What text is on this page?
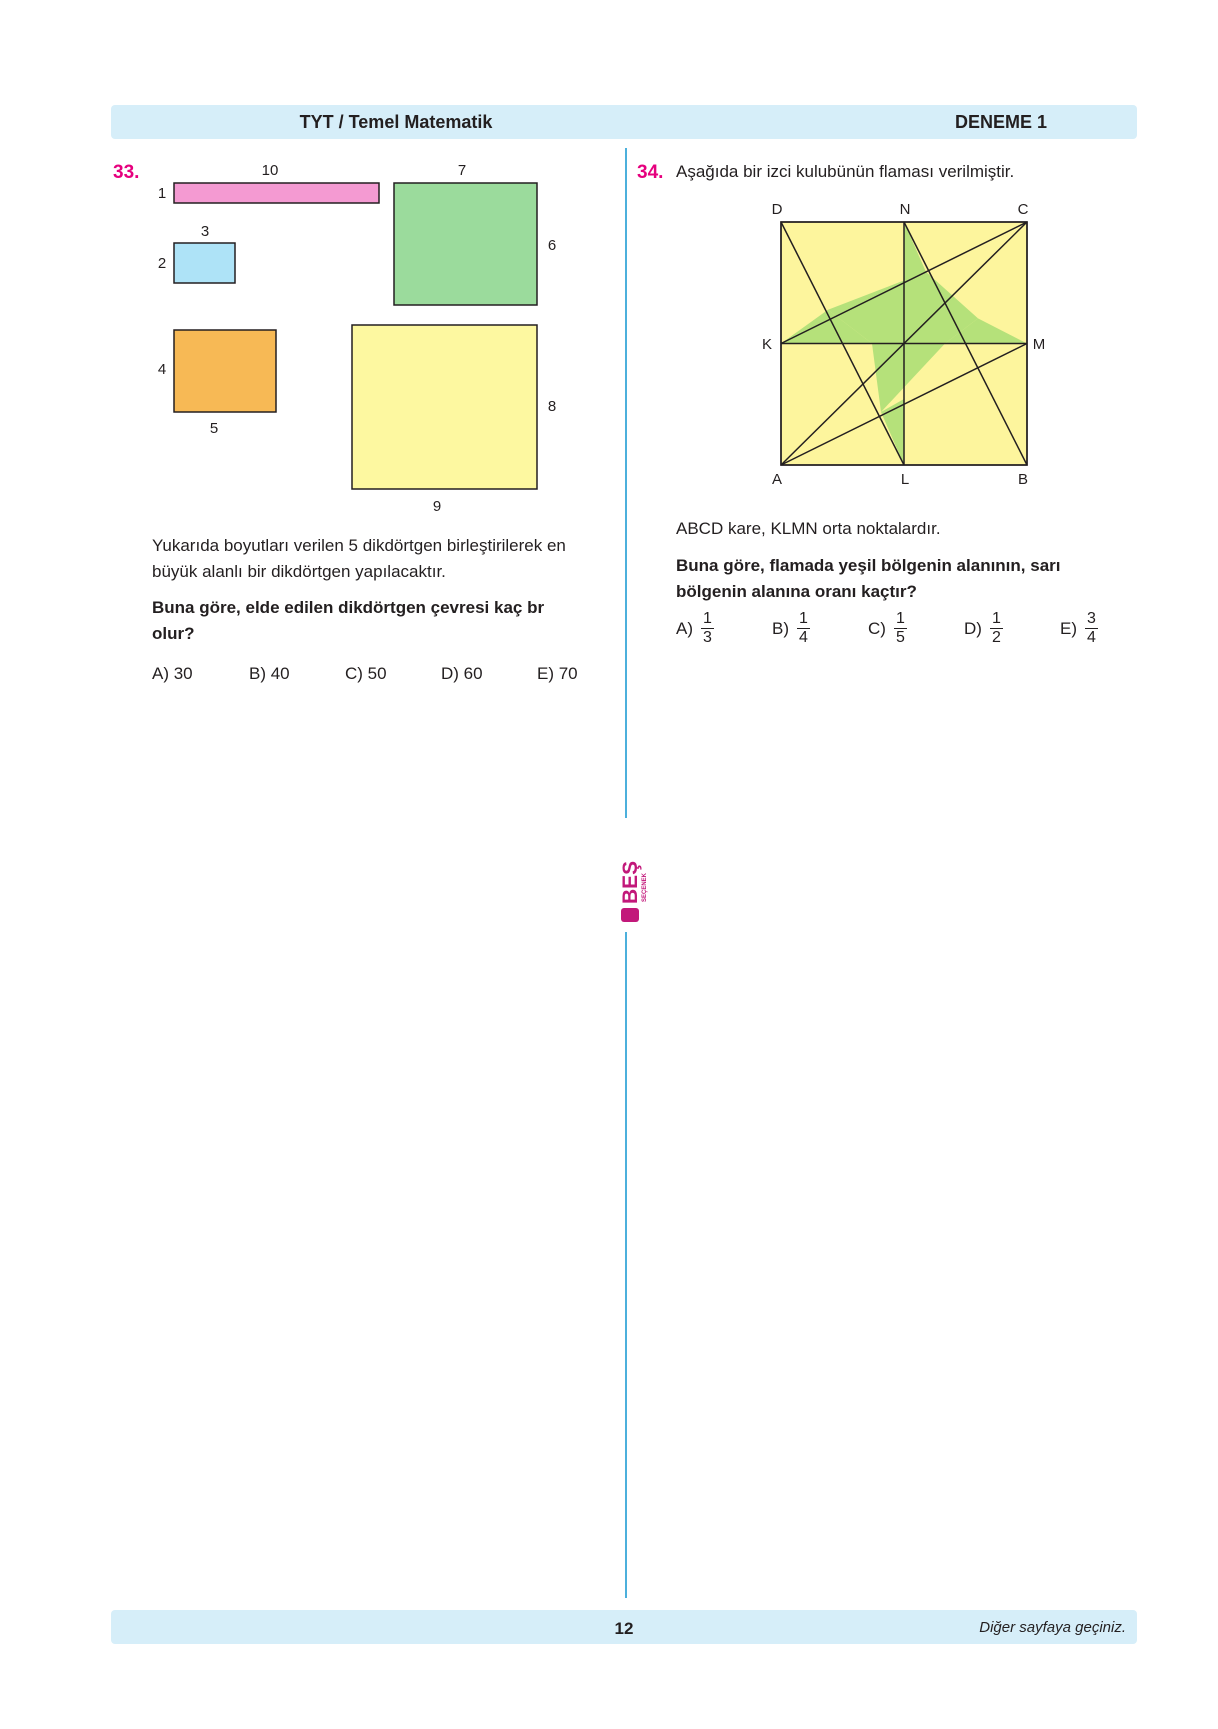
TYT / Temel Matematik	DENEME 1
BEŞ SEÇENEK
33.	10
1
3
2
7
6
4
5
8
9
Yukarıda boyutları verilen 5 dikdörtgen birleştirilerek en
büyük alanlı bir dikdörtgen yapılacaktır.
Buna göre, elde edilen dikdörtgen çevresi kaç br
olur?
A) 30	B) 40	C) 50	D) 60	E) 70
34. Aşağıda bir izci kulubünün flaması verilmiştir.
D	N	C
K	M
A	L	B
ABCD kare, KLMN orta noktalardır.
Buna göre, flamada yeşil bölgenin alanının, sarı
bölgenin alanına oranı kaçtır?
$A) \frac{1}{3}$	$B) \frac{1}{4}$	$C) \frac{1}{5}$	$D) \frac{1}{2}$	$E) \frac{3}{4}$
12	Diğer sayfaya geçiniz.
